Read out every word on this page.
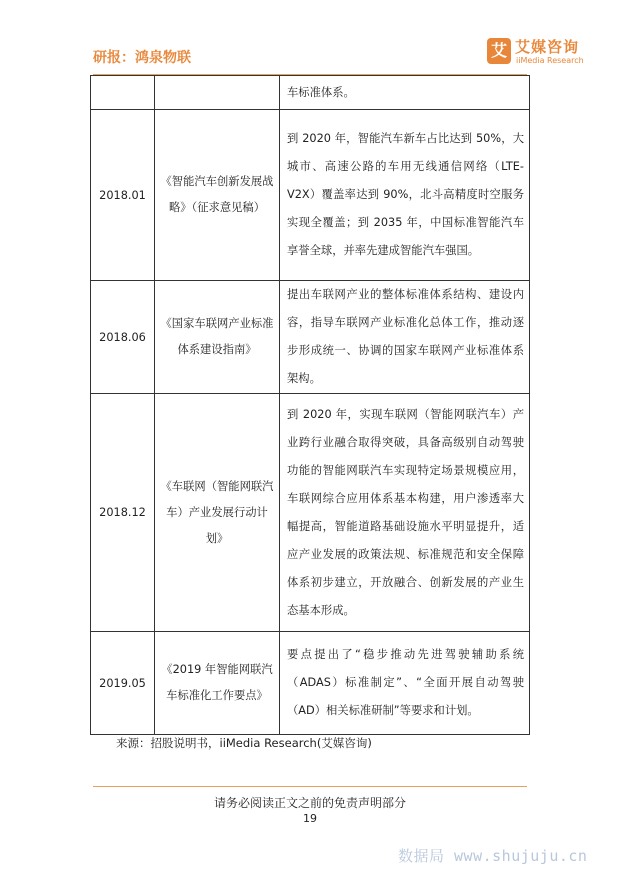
研报：鸿泉物联	艾 艾媒咨询
iiMedia Research
		车标准体系。
2018.01	《智能汽车创新发展战略》（征求意见稿）	到 2020 年，智能汽车新车占比达到 50%，大城市、高速公路的车用无线通信网络（LTE-V2X）覆盖率达到 90%，北斗高精度时空服务实现全覆盖；到 2035 年，中国标准智能汽车享誉全球，并率先建成智能汽车强国。
2018.06	《国家车联网产业标准体系建设指南》	提出车联网产业的整体标准体系结构、建设内容，指导车联网产业标准化总体工作，推动逐步形成统一、协调的国家车联网产业标准体系架构。
2018.12	《车联网（智能网联汽车）产业发展行动计划》	到 2020 年，实现车联网（智能网联汽车）产业跨行业融合取得突破，具备高级别自动驾驶功能的智能网联汽车实现特定场景规模应用，车联网综合应用体系基本构建，用户渗透率大幅提高，智能道路基础设施水平明显提升，适应产业发展的政策法规、标准规范和安全保障体系初步建立，开放融合、创新发展的产业生态基本形成。
2019.05	《2019 年智能网联汽车标准化工作要点》	要点提出了“稳步推动先进驾驶辅助系统（ADAS）标准制定”、“全面开展自动驾驶（AD）相关标准研制”等要求和计划。
来源：招股说明书，iiMedia Research(艾媒咨询)
请务必阅读正文之前的免责声明部分
19
数据局 www.shujuju.cn
